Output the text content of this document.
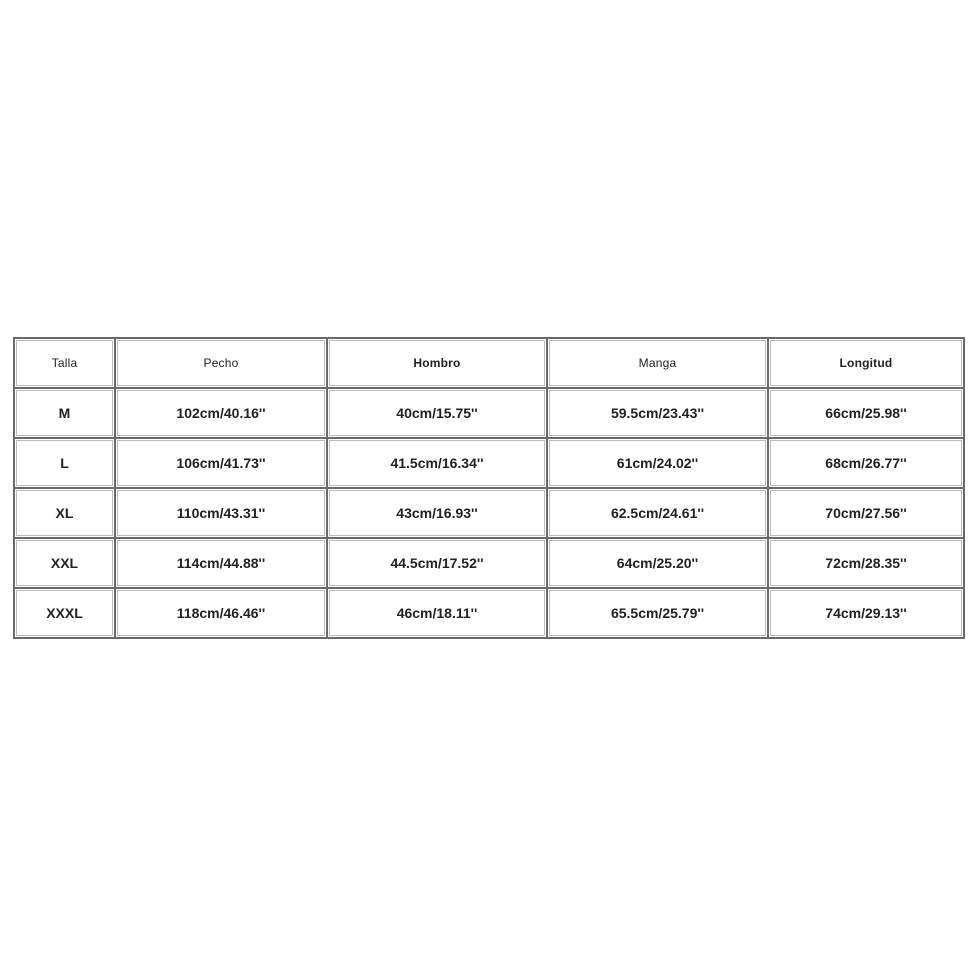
Talla	Pecho	Hombro	Manga	Longitud
M	102cm/40.16''	40cm/15.75''	59.5cm/23.43''	66cm/25.98''
L	106cm/41.73''	41.5cm/16.34''	61cm/24.02''	68cm/26.77''
XL	110cm/43.31''	43cm/16.93''	62.5cm/24.61''	70cm/27.56''
XXL	114cm/44.88''	44.5cm/17.52''	64cm/25.20''	72cm/28.35''
XXXL	118cm/46.46''	46cm/18.11''	65.5cm/25.79''	74cm/29.13''
